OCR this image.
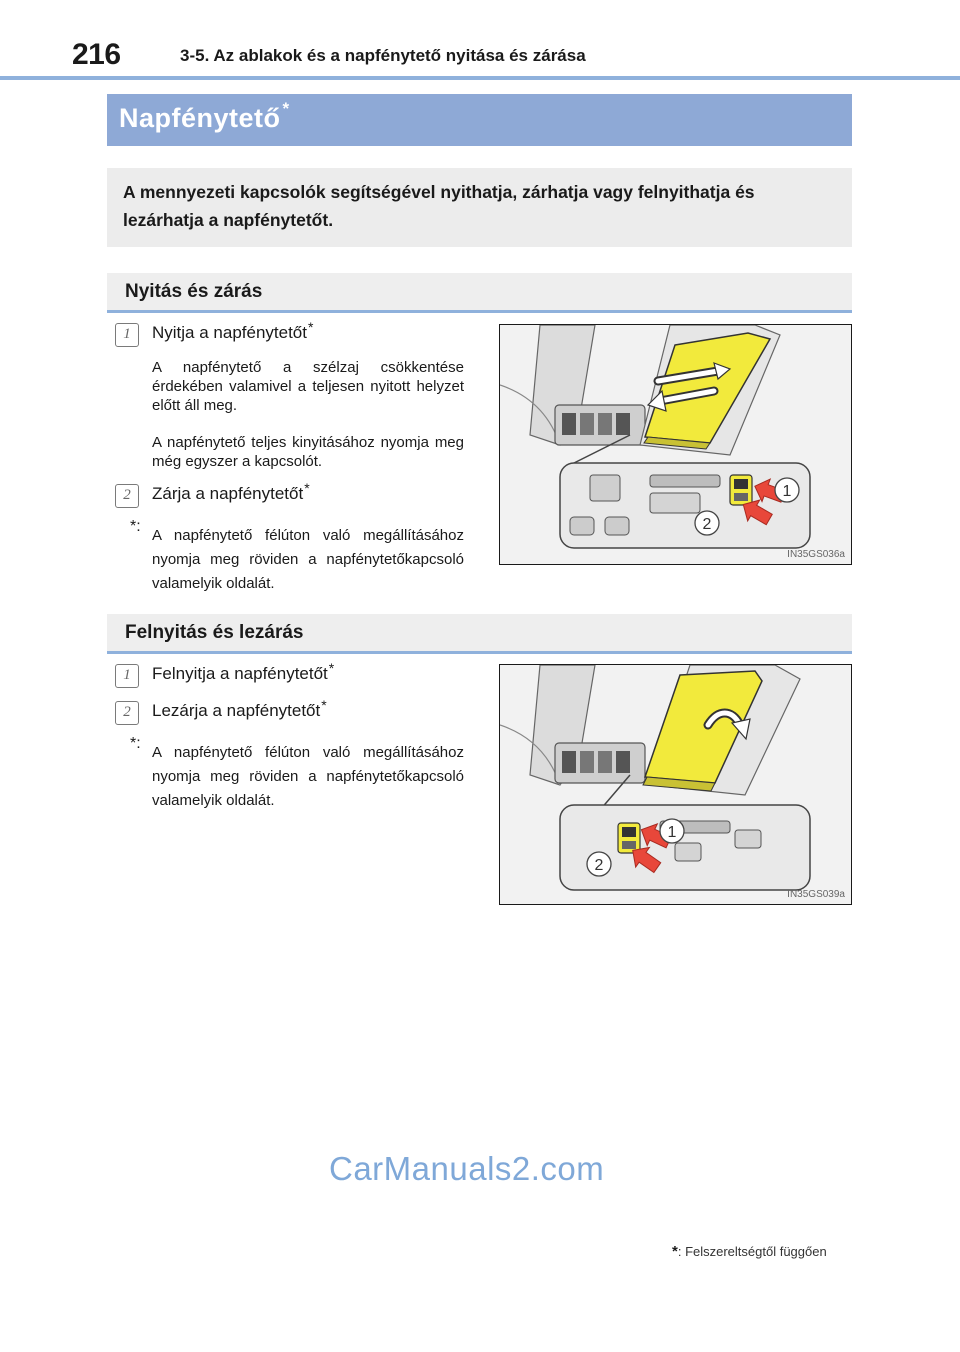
216	3-5. Az ablakok és a napfénytető nyitása és zárása
Napfénytető *
A mennyezeti kapcsolók segítségével nyithatja, zárhatja vagy felnyithatja és lezárhatja a napfénytetőt.
Nyitás és zárás
1	Nyitja a napfénytetőt*
A napfénytető a szélzaj csökkentése érdekében valamivel a teljesen nyitott helyzet előtt áll meg.
A napfénytető teljes kinyitásához nyomja meg még egyszer a kapcsolót.
2	Zárja a napfénytetőt*
*:
A napfénytető félúton való megállításához nyomja meg röviden a napfénytetőkapcsoló valamelyik oldalát.
1
2
IN35GS036a
Felnyitás és lezárás
1	Felnyitja a napfénytetőt*
2	Lezárja a napfénytetőt*
*:
A napfénytető félúton való megállításához nyomja meg röviden a napfénytetőkapcsoló valamelyik oldalát.
1
2
IN35GS039a
CarManuals2.com
*: Felszereltségtől függően
